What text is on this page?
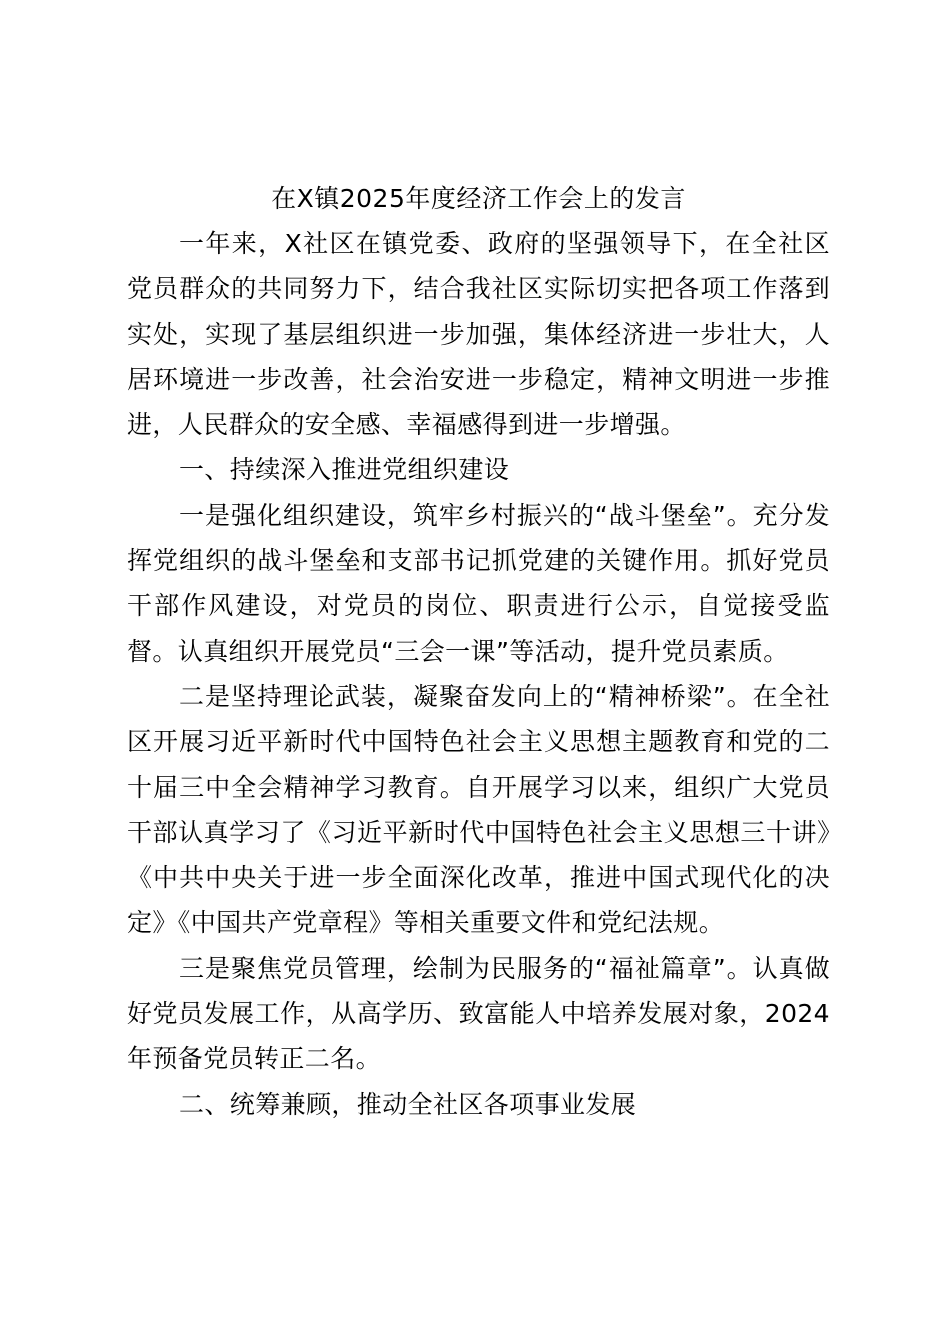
在X镇2025年度经济工作会上的发言

一年来，X社区在镇党委、政府的坚强领导下，在全社区党员群众的共同努力下，结合我社区实际切实把各项工作落到实处，实现了基层组织进一步加强，集体经济进一步壮大，人居环境进一步改善，社会治安进一步稳定，精神文明进一步推进，人民群众的安全感、幸福感得到进一步增强。

一、持续深入推进党组织建设

一是强化组织建设，筑牢乡村振兴的“战斗堡垒”。充分发挥党组织的战斗堡垒和支部书记抓党建的关键作用。抓好党员干部作风建设，对党员的岗位、职责进行公示，自觉接受监督。认真组织开展党员“三会一课”等活动，提升党员素质。

二是坚持理论武装，凝聚奋发向上的“精神桥梁”。在全社区开展习近平新时代中国特色社会主义思想主题教育和党的二十届三中全会精神学习教育。自开展学习以来，组织广大党员干部认真学习了《习近平新时代中国特色社会主义思想三十讲》《中共中央关于进一步全面深化改革，推进中国式现代化的决定》《中国共产党章程》等相关重要文件和党纪法规。

三是聚焦党员管理，绘制为民服务的“福祉篇章”。认真做好党员发展工作，从高学历、致富能人中培养发展对象，2024年预备党员转正二名。

二、统筹兼顾，推动全社区各项事业发展
